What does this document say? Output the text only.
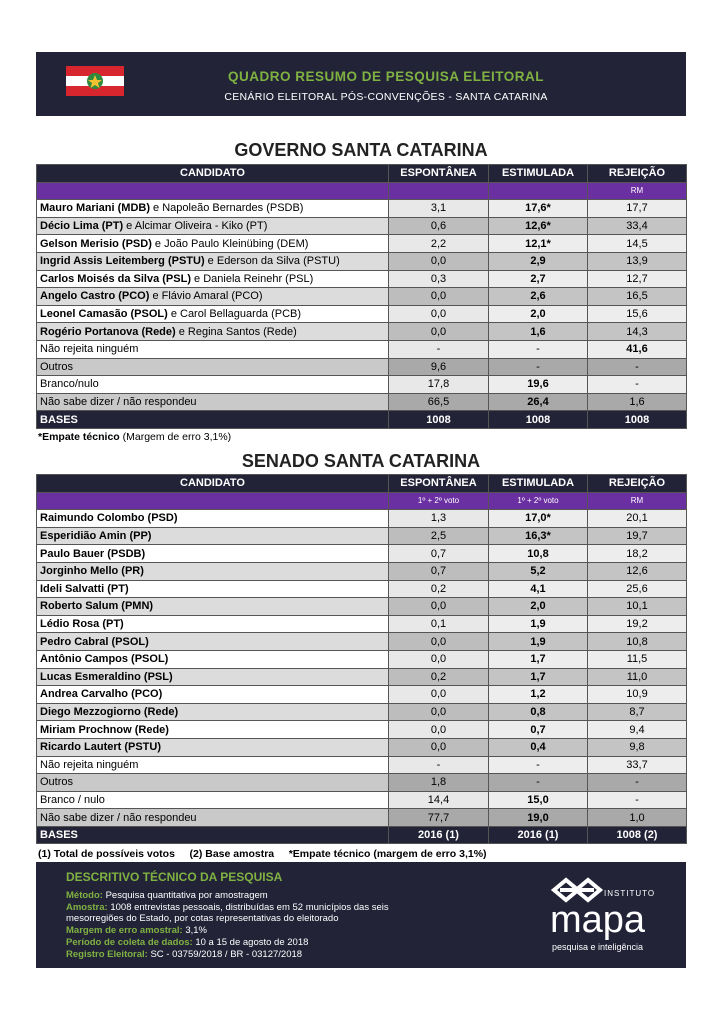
QUADRO RESUMO DE PESQUISA ELEITORAL
CENÁRIO ELEITORAL PÓS-CONVENÇÕES - SANTA CATARINA
GOVERNO SANTA CATARINA
CANDIDATO	ESPONTÂNEA	ESTIMULADA	REJEIÇÃO
			RM
Mauro Mariani (MDB) e Napoleão Bernardes (PSDB)	3,1	17,6*	17,7
Décio Lima (PT) e Alcimar Oliveira - Kiko (PT)	0,6	12,6*	33,4
Gelson Merisio (PSD) e João Paulo Kleinübing (DEM)	2,2	12,1*	14,5
Ingrid Assis Leitemberg (PSTU) e Ederson da Silva (PSTU)	0,0	2,9	13,9
Carlos Moisés da Silva (PSL) e Daniela Reinehr (PSL)	0,3	2,7	12,7
Angelo Castro (PCO) e Flávio Amaral (PCO)	0,0	2,6	16,5
Leonel Camasão (PSOL) e Carol Bellaguarda (PCB)	0,0	2,0	15,6
Rogério Portanova (Rede) e Regina Santos (Rede)	0,0	1,6	14,3
Não rejeita ninguém	-	-	41,6
Outros	9,6	-	-
Branco/nulo	17,8	19,6	-
Não sabe dizer / não respondeu	66,5	26,4	1,6
BASES	1008	1008	1008
*Empate técnico (Margem de erro 3,1%)
SENADO SANTA CATARINA
CANDIDATO	ESPONTÂNEA	ESTIMULADA	REJEIÇÃO
	1º + 2º voto	1º + 2º voto	RM
Raimundo Colombo (PSD)	1,3	17,0*	20,1
Esperidião Amin (PP)	2,5	16,3*	19,7
Paulo Bauer (PSDB)	0,7	10,8	18,2
Jorginho Mello (PR)	0,7	5,2	12,6
Ideli Salvatti (PT)	0,2	4,1	25,6
Roberto Salum (PMN)	0,0	2,0	10,1
Lédio Rosa (PT)	0,1	1,9	19,2
Pedro Cabral (PSOL)	0,0	1,9	10,8
Antônio Campos (PSOL)	0,0	1,7	11,5
Lucas Esmeraldino (PSL)	0,2	1,7	11,0
Andrea Carvalho (PCO)	0,0	1,2	10,9
Diego Mezzogiorno (Rede)	0,0	0,8	8,7
Miriam Prochnow (Rede)	0,0	0,7	9,4
Ricardo Lautert (PSTU)	0,0	0,4	9,8
Não rejeita ninguém	-	-	33,7
Outros	1,8	-	-
Branco / nulo	14,4	15,0	-
Não sabe dizer / não respondeu	77,7	19,0	1,0
BASES	2016 (1)	2016 (1)	1008 (2)
(1) Total de possíveis votos     (2) Base amostra     *Empate técnico (margem de erro 3,1%)
DESCRITIVO TÉCNICO DA PESQUISA
Método: Pesquisa quantitativa por amostragem
Amostra: 1008 entrevistas pessoais, distribuídas em 52 municípios das seis mesorregiões do Estado, por cotas representativas do eleitorado
Margem de erro amostral: 3,1%
Período de coleta de dados: 10 a 15 de agosto de 2018
Registro Eleitoral: SC - 03759/2018 / BR - 03127/2018
INSTITUTO
mapa
pesquisa e inteligência
